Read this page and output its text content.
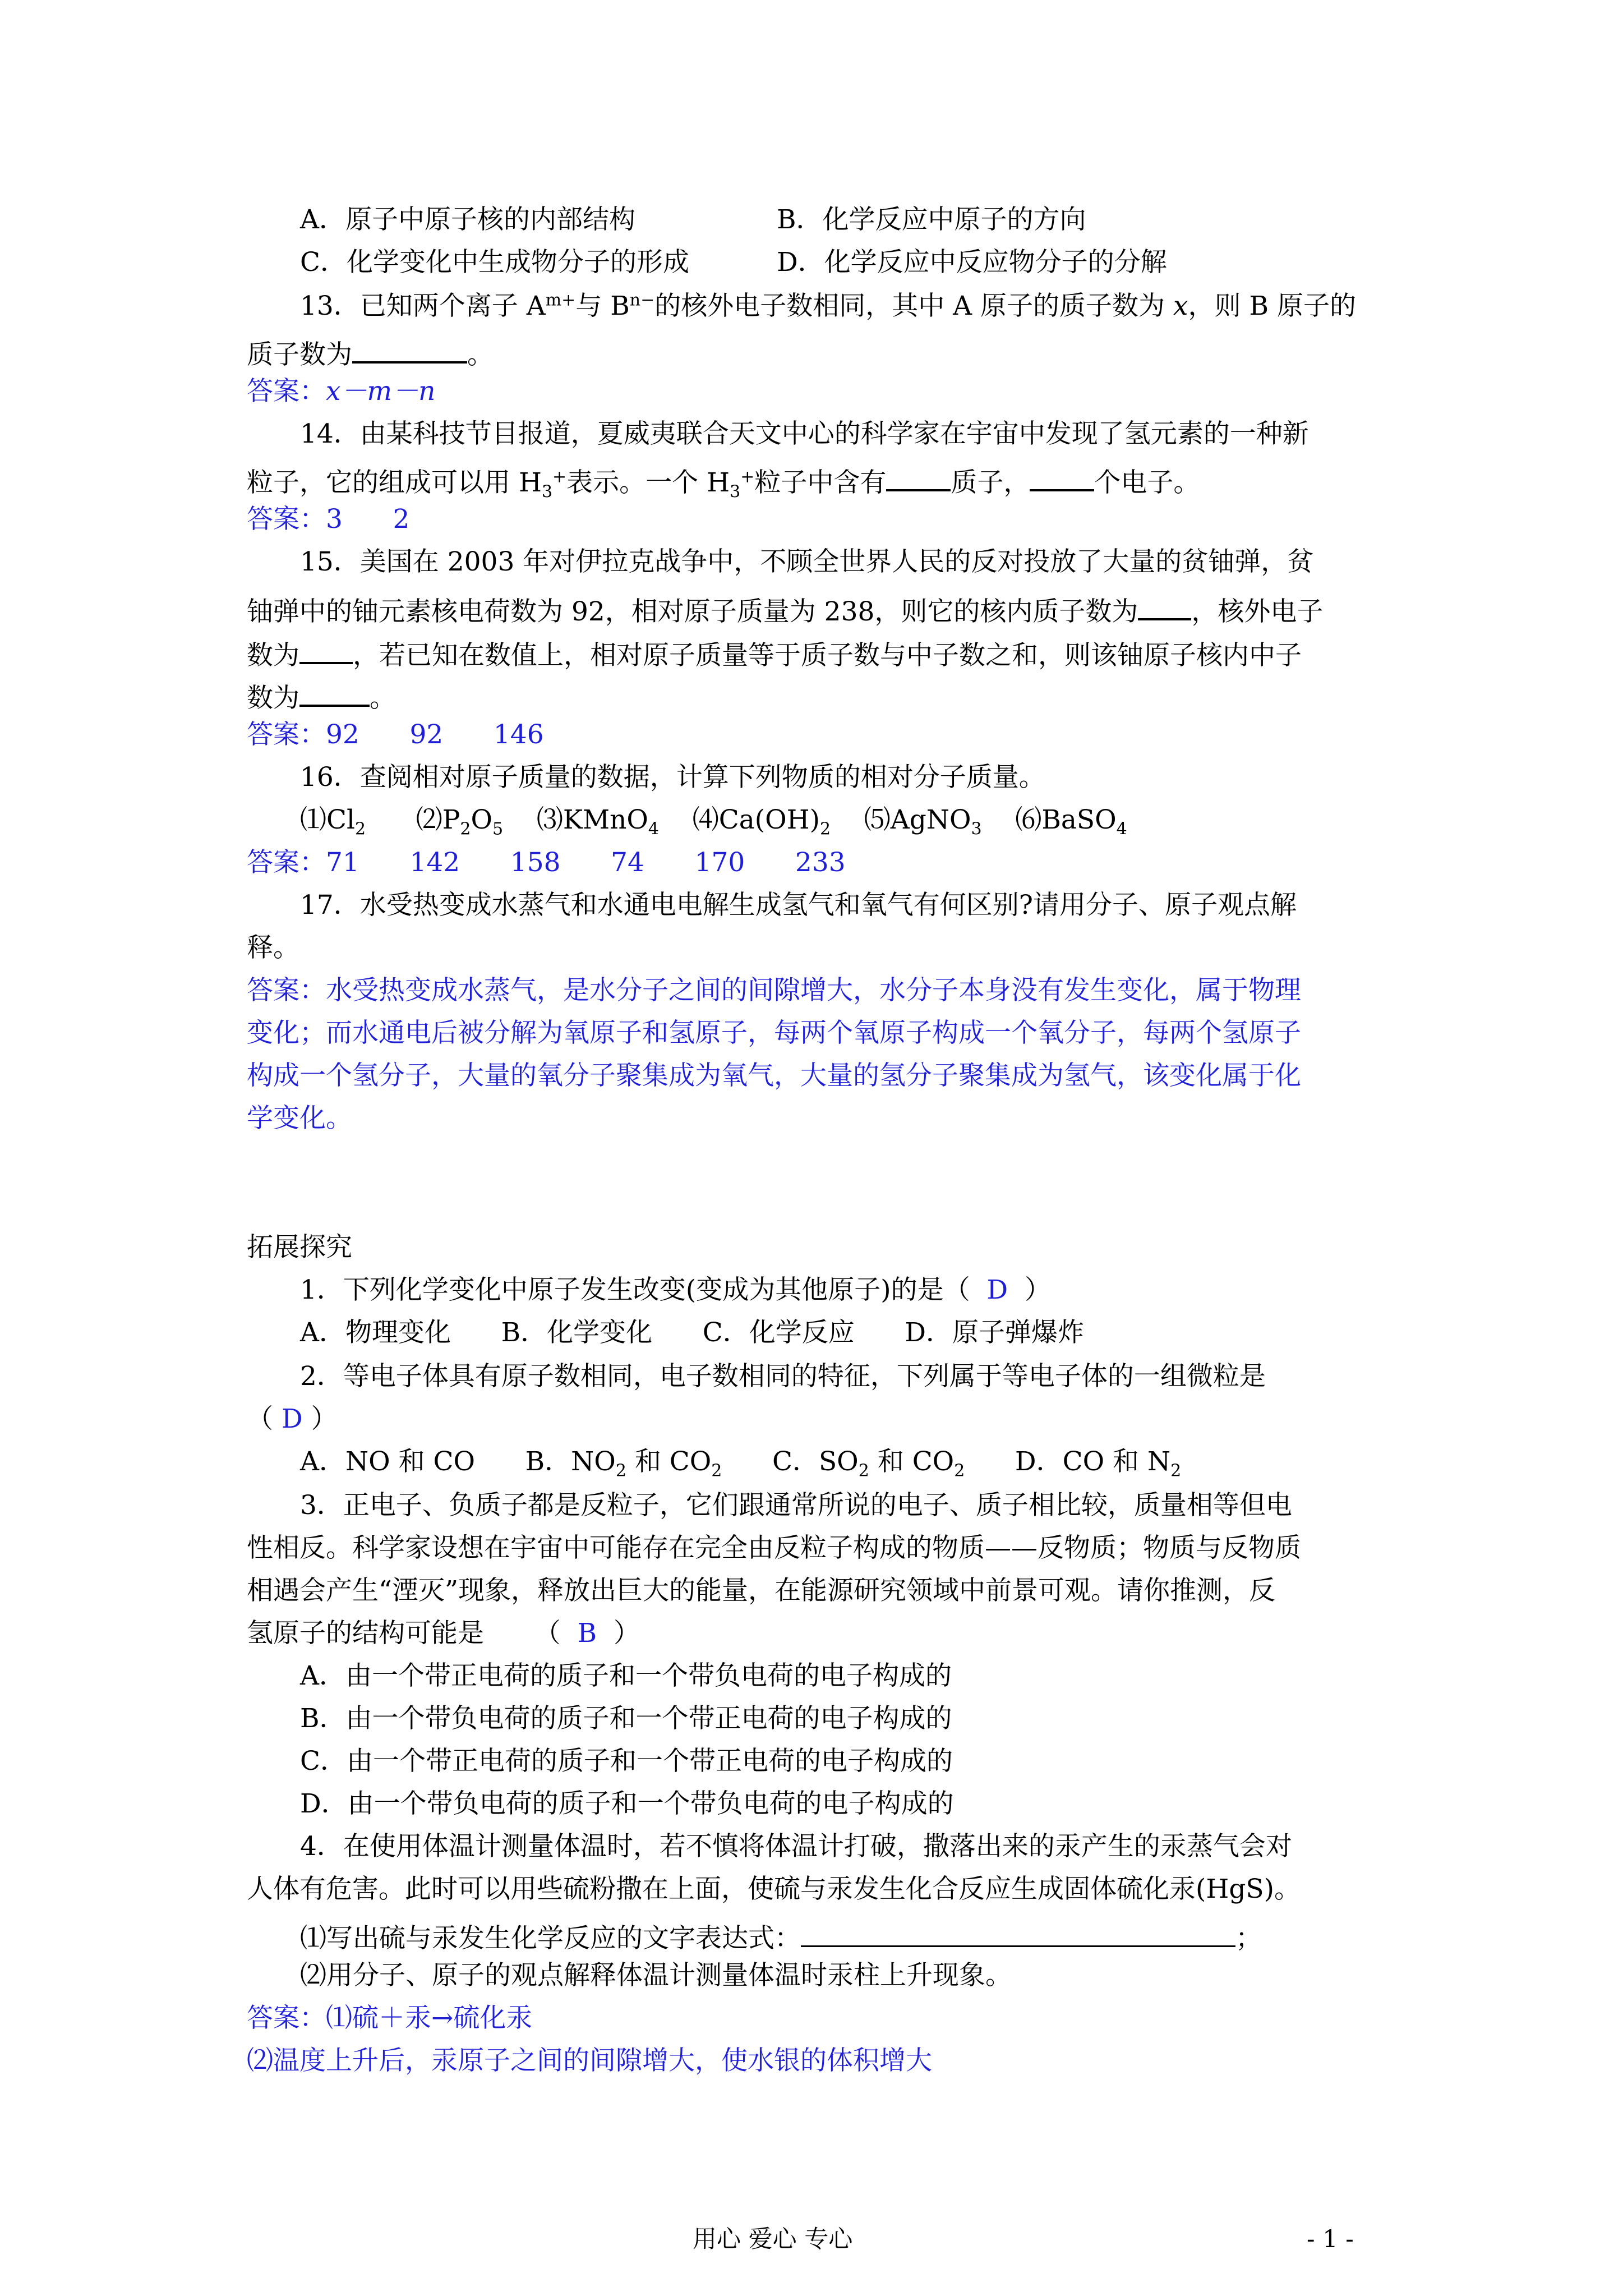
A．原子中原子核的内部结构	B．化学反应中原子的方向
C．化学变化中生成物分子的形成	D．化学反应中反应物分子的分解
13．已知两个离子 $A^{m+}$与 $B^{n-}$的核外电子数相同，其中 A 原子的质子数为 x，则 B 原子的
质子数为	。
答案：x－m－n
14．由某科技节目报道，夏威夷联合天文中心的科学家在宇宙中发现了氢元素的一种新
粒子，它的组成可以用 $H_3^+$表示。一个 $H_3^+$粒子中含有 质子， 个电子。
答案：3      2
15．美国在 2003 年对伊拉克战争中，不顾全世界人民的反对投放了大量的贫铀弹，贫
铀弹中的铀元素核电荷数为 92，相对原子质量为 238，则它的核内质子数为 ，核外电子
数为 ，若已知在数值上，相对原子质量等于质子数与中子数之和，则该铀原子核内中子
数为	。
答案：92      92      146
16．查阅相对原子质量的数据，计算下列物质的相对分子质量。
$⑴Cl_2$      $⑵P_2O_5$    ⑶KMnO$_4$    $⑷Ca(OH)_2$    ⑸AgNO$_3$    ⑹BaSO$_4$
答案：71      142      158      74      170      233
17．水受热变成水蒸气和水通电电解生成氢气和氧气有何区别?请用分子、原子观点解
释。
答案：水受热变成水蒸气，是水分子之间的间隙增大，水分子本身没有发生变化，属于物理
变化；而水通电后被分解为氧原子和氢原子，每两个氧原子构成一个氧分子，每两个氢原子
构成一个氢分子，大量的氧分子聚集成为氧气，大量的氢分子聚集成为氢气，该变化属于化
学变化。
拓展探究
1．下列化学变化中原子发生改变(变成为其他原子)的是（ D ）
A．物理变化      B．化学变化      C．化学反应      D．原子弹爆炸
2．等电子体具有原子数相同，电子数相同的特征，下列属于等电子体的一组微粒是
（ D ）
A．NO 和 CO      B．$NO_2$ 和 $CO_2$      C．$SO_2$ 和 $CO_2$      D．CO 和 $N_2$
3．正电子、负质子都是反粒子，它们跟通常所说的电子、质子相比较，质量相等但电
性相反。科学家设想在宇宙中可能存在完全由反粒子构成的物质——反物质；物质与反物质
相遇会产生“湮灭”现象，释放出巨大的能量，在能源研究领域中前景可观。请你推测，反
氢原子的结构可能是      （ B ）
A．由一个带正电荷的质子和一个带负电荷的电子构成的
B．由一个带负电荷的质子和一个带正电荷的电子构成的
C．由一个带正电荷的质子和一个带正电荷的电子构成的
D．由一个带负电荷的质子和一个带负电荷的电子构成的
4．在使用体温计测量体温时，若不慎将体温计打破，撒落出来的汞产生的汞蒸气会对
人体有危害。此时可以用些硫粉撒在上面，使硫与汞发生化合反应生成固体硫化汞(HgS)。
⑴写出硫与汞发生化学反应的文字表达式：	；
⑵用分子、原子的观点解释体温计测量体温时汞柱上升现象。
答案：⑴硫＋汞→硫化汞
⑵温度上升后，汞原子之间的间隙增大，使水银的体积增大
用心 爱心 专心	- 1 -
